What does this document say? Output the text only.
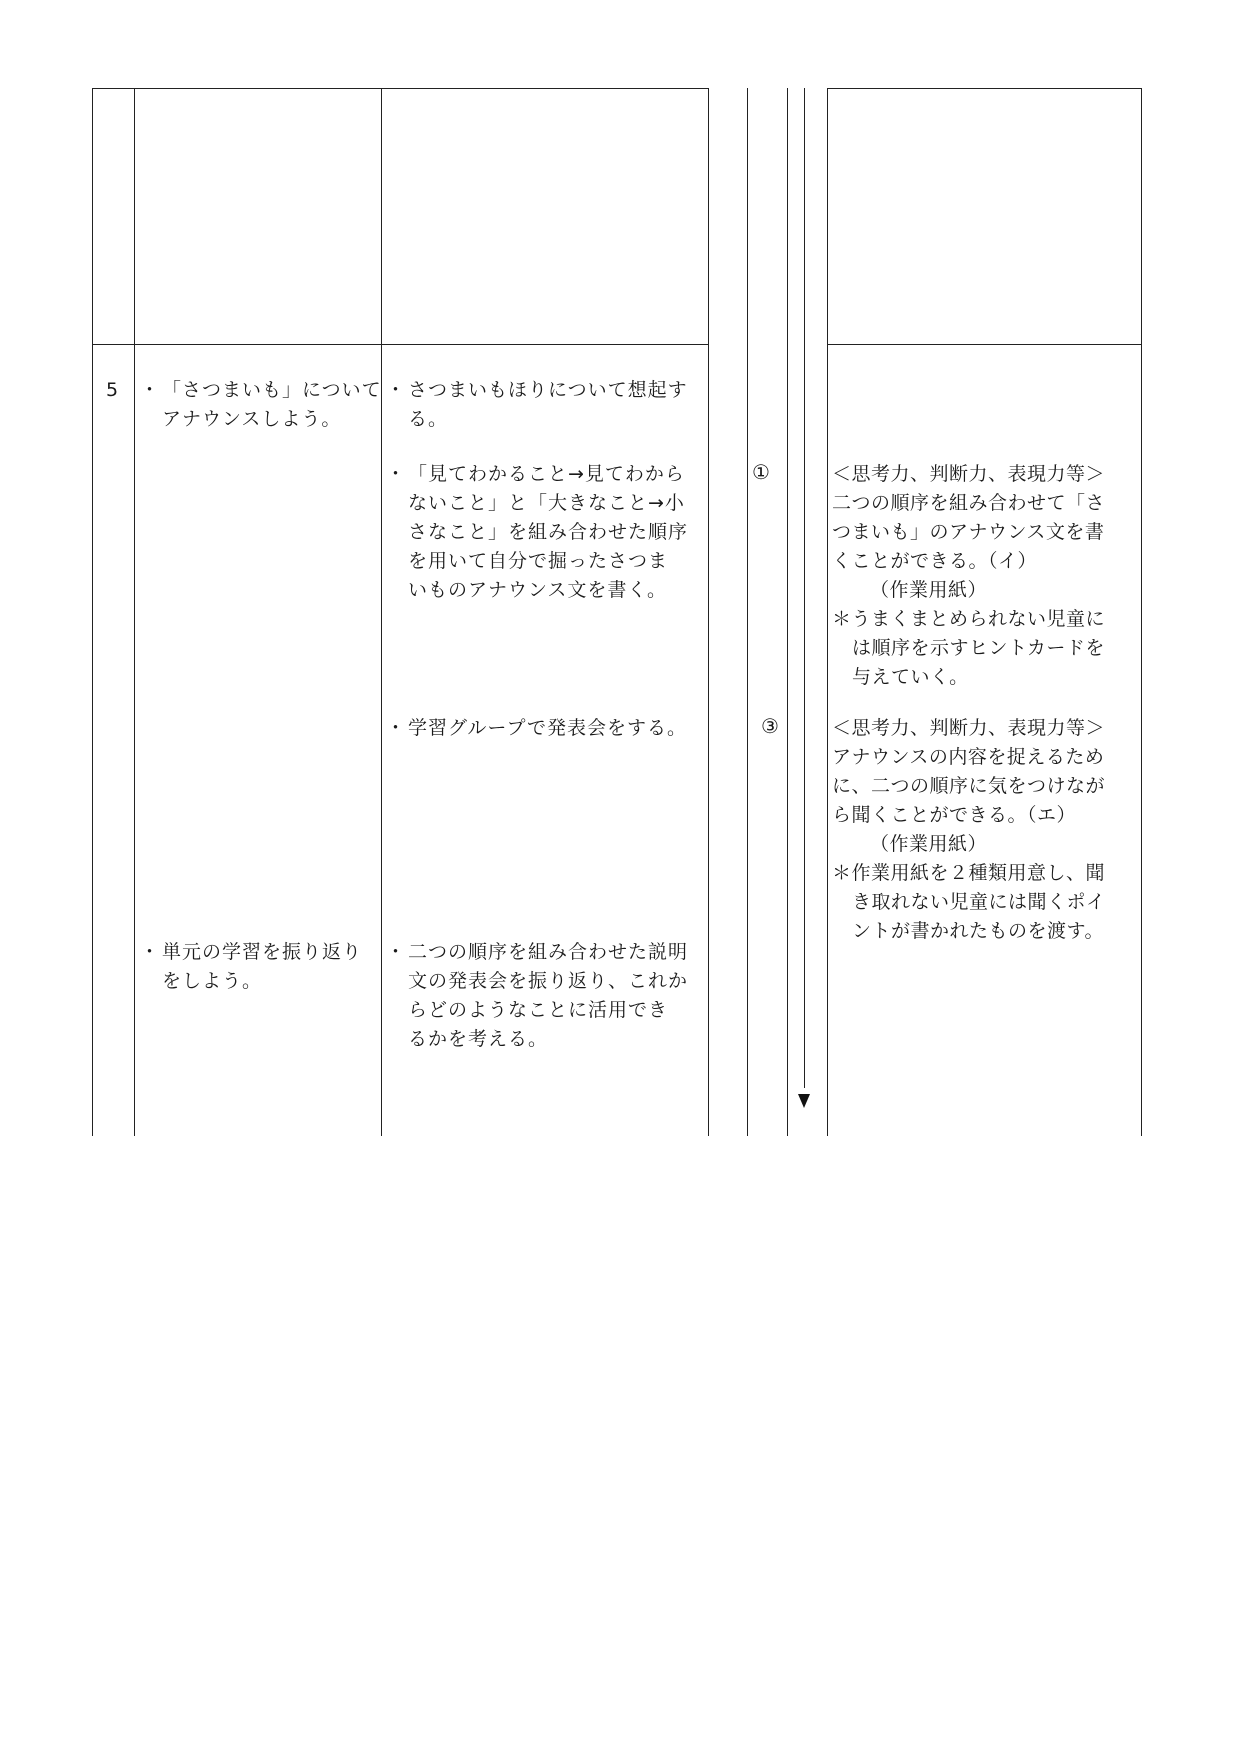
5 ・ 「さつまいも」について
アナウンスしよう。
・ 単元の学習を振り返り
をしよう。
・ さつまいもほりについて想起す
る。
・ 「見てわかること→見てわから
ないこと」と「大きなこと→小
さなこと」を組み合わせた順序
を用いて自分で掘ったさつま
いものアナウンス文を書く。
・ 学習グループで発表会をする。
・ 二つの順序を組み合わせた説明
文の発表会を振り返り、これか
らどのようなことに活用でき
るかを考える。
①
③
＜思考力、判断力、表現力等＞
二つの順序を組み合わせて「さ
つまいも」のアナウンス文を書
くことができる。（イ）
（作業用紙）
＊うまくまとめられない児童に
は順序を示すヒントカードを
与えていく。
＜思考力、判断力、表現力等＞
アナウンスの内容を捉えるため
に、二つの順序に気をつけなが
ら聞くことができる。（エ）
（作業用紙）
＊作業用紙を２種類用意し、聞
き取れない児童には聞くポイ
ントが書かれたものを渡す。
